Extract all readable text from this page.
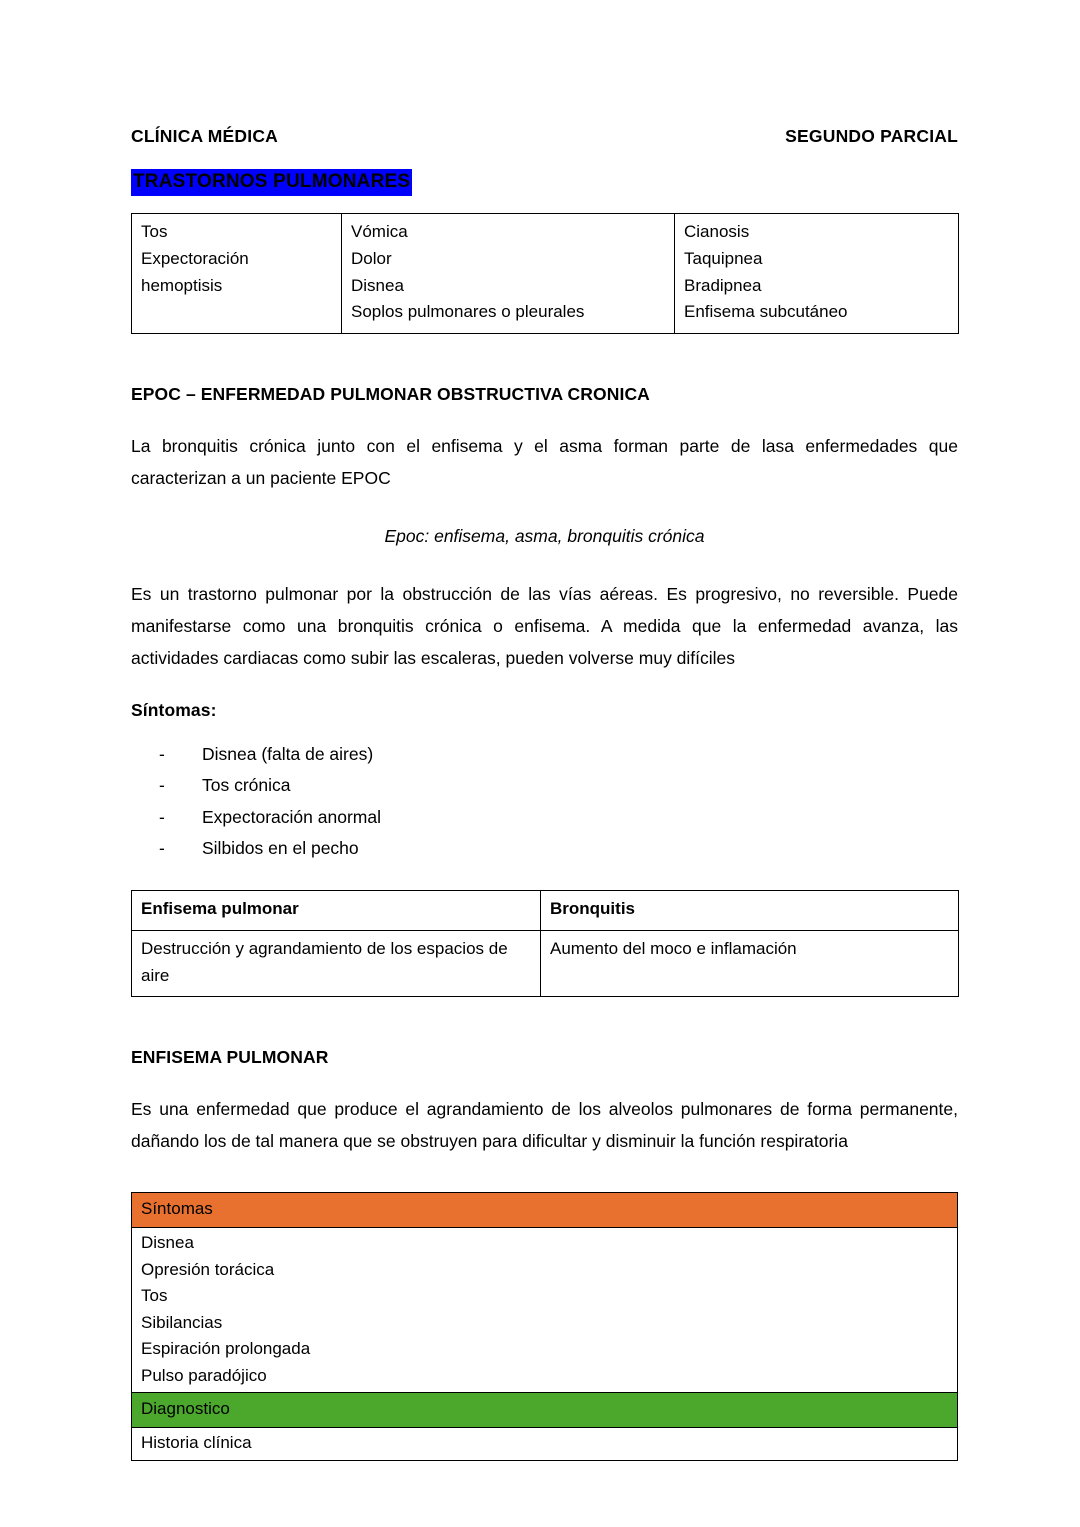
CLÍNICA MÉDICA	SEGUNDO PARCIAL
TRASTORNOS PULMONARES
Tos
Expectoración
hemoptisis

Vómica
Dolor
Disnea
Soplos pulmonares o pleurales

Cianosis
Taquipnea
Bradipnea
Enfisema subcutáneo
EPOC – ENFERMEDAD PULMONAR OBSTRUCTIVA CRONICA

La bronquitis crónica junto con el enfisema y el asma forman parte de lasa enfermedades que caracterizan a un paciente EPOC

Epoc: enfisema, asma, bronquitis crónica

Es un trastorno pulmonar por la obstrucción de las vías aéreas. Es progresivo, no reversible. Puede manifestarse como una bronquitis crónica o enfisema. A medida que la enfermedad avanza, las actividades cardiacas como subir las escaleras, pueden volverse muy difíciles

Síntomas:
- Disnea (falta de aires)
- Tos crónica
- Expectoración anormal
- Silbidos en el pecho
Enfisema pulmonar	Bronquitis
Destrucción y agrandamiento de los espacios de aire	Aumento del moco e inflamación
ENFISEMA PULMONAR

Es una enfermedad que produce el agrandamiento de los alveolos pulmonares de forma permanente, dañando los de tal manera que se obstruyen para dificultar y disminuir la función respiratoria

Síntomas

Disnea
Opresión torácica
Tos
Sibilancias
Espiración prolongada
Pulso paradójico

Diagnostico

Historia clínica
